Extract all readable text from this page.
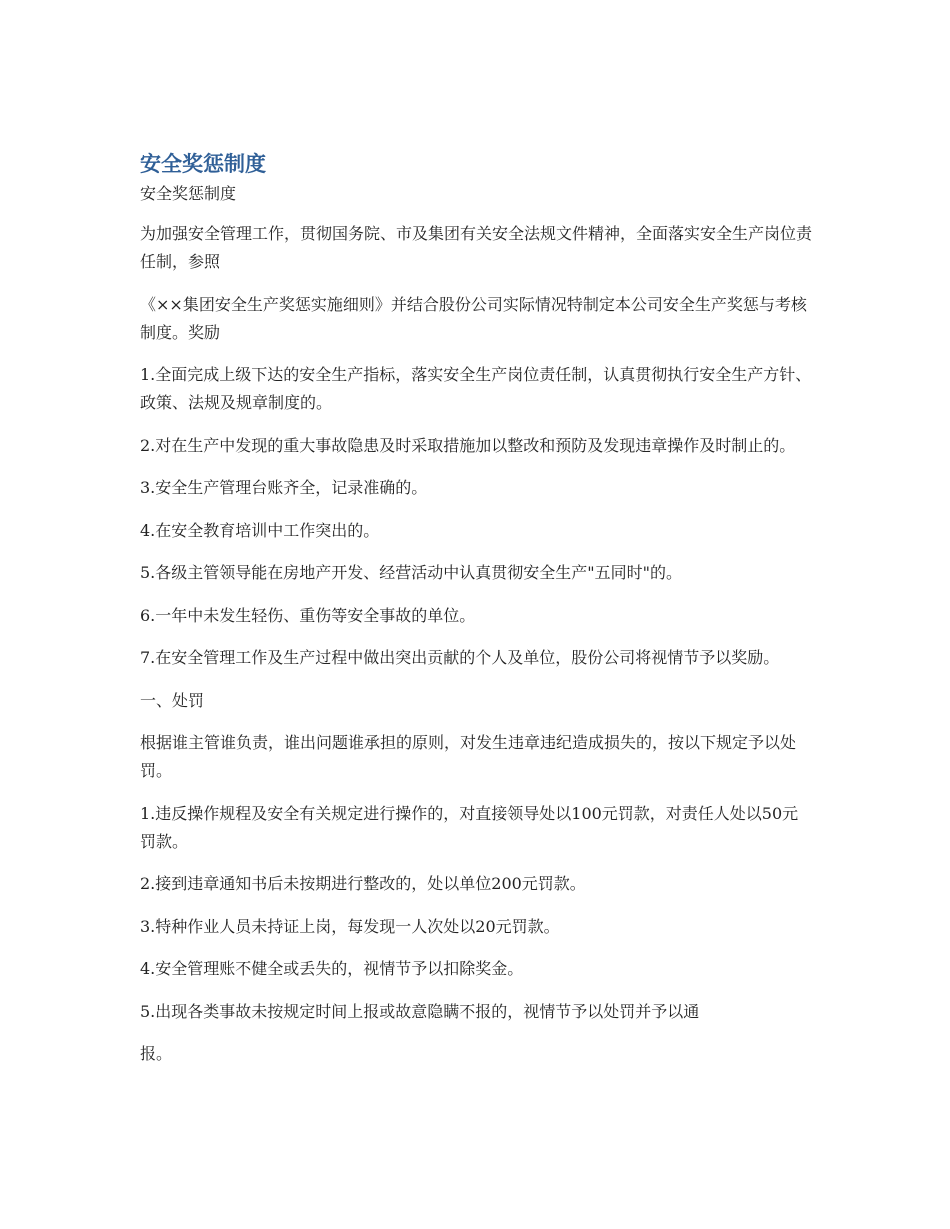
安全奖惩制度

安全奖惩制度

为加强安全管理工作，贯彻国务院、市及集团有关安全法规文件精神，全面落实安全生产岗位责任制，参照

《××集团安全生产奖惩实施细则》并结合股份公司实际情况特制定本公司安全生产奖惩与考核制度。奖励

1.全面完成上级下达的安全生产指标，落实安全生产岗位责任制，认真贯彻执行安全生产方针、政策、法规及规章制度的。

2.对在生产中发现的重大事故隐患及时采取措施加以整改和预防及发现违章操作及时制止的。

3.安全生产管理台账齐全，记录准确的。

4.在安全教育培训中工作突出的。

5.各级主管领导能在房地产开发、经营活动中认真贯彻安全生产"五同时"的。

6.一年中未发生轻伤、重伤等安全事故的单位。

7.在安全管理工作及生产过程中做出突出贡献的个人及单位，股份公司将视情节予以奖励。

一、处罚

根据谁主管谁负责，谁出问题谁承担的原则，对发生违章违纪造成损失的，按以下规定予以处罚。

1.违反操作规程及安全有关规定进行操作的，对直接领导处以100元罚款，对责任人处以50元罚款。

2.接到违章通知书后未按期进行整改的，处以单位200元罚款。

3.特种作业人员未持证上岗，每发现一人次处以20元罚款。

4.安全管理账不健全或丢失的，视情节予以扣除奖金。

5.出现各类事故未按规定时间上报或故意隐瞒不报的，视情节予以处罚并予以通

报。
